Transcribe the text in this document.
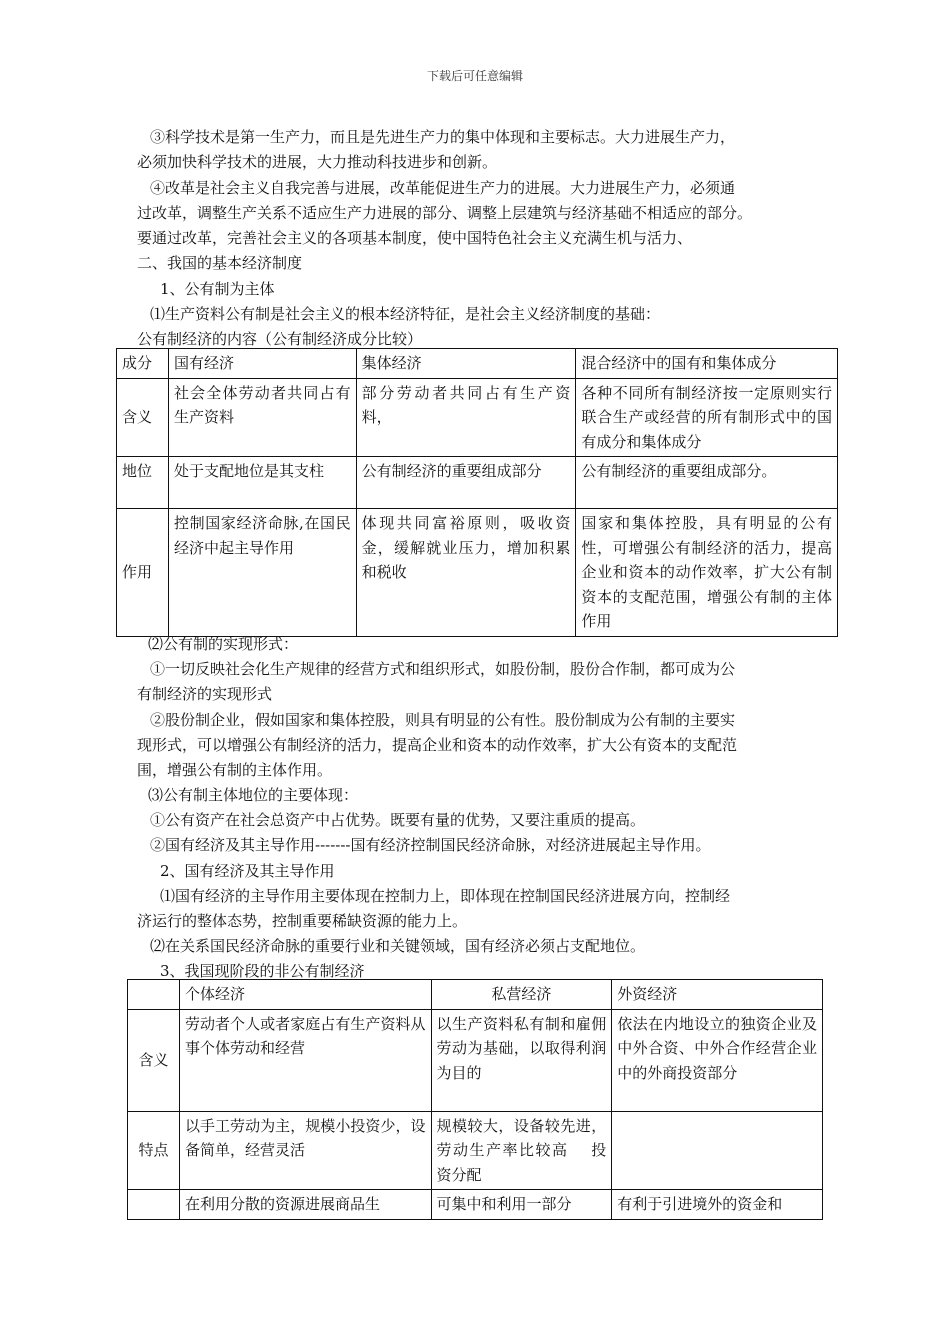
下载后可任意编辑
③科学技术是第一生产力，而且是先进生产力的集中体现和主要标志。大力进展生产力，
必须加快科学技术的进展，大力推动科技进步和创新。
④改革是社会主义自我完善与进展，改革能促进生产力的进展。大力进展生产力，必须通
过改革，调整生产关系不适应生产力进展的部分、调整上层建筑与经济基础不相适应的部分。
要通过改革，完善社会主义的各项基本制度，使中国特色社会主义充满生机与活力、
二、我国的基本经济制度
1、公有制为主体
⑴生产资料公有制是社会主义的根本经济特征，是社会主义经济制度的基础：
公有制经济的内容（公有制经济成分比较）
成分	国有经济	集体经济	混合经济中的国有和集体成分
含义	社会全体劳动者共同占有生产资料	部分劳动者共同占有生产资料，	各种不同所有制经济按一定原则实行联合生产或经营的所有制形式中的国有成分和集体成分
地位	处于支配地位是其支柱	公有制经济的重要组成部分	公有制经济的重要组成部分。
作用	控制国家经济命脉,在国民经济中起主导作用	体现共同富裕原则，吸收资金，缓解就业压力，增加积累和税收	国家和集体控股，具有明显的公有性，可增强公有制经济的活力，提高企业和资本的动作效率，扩大公有制资本的支配范围，增强公有制的主体作用
⑵公有制的实现形式：
①一切反映社会化生产规律的经营方式和组织形式，如股份制，股份合作制，都可成为公
有制经济的实现形式
②股份制企业，假如国家和集体控股，则具有明显的公有性。股份制成为公有制的主要实
现形式，可以增强公有制经济的活力，提高企业和资本的动作效率，扩大公有资本的支配范
围，增强公有制的主体作用。
⑶公有制主体地位的主要体现：
①公有资产在社会总资产中占优势。既要有量的优势，又要注重质的提高。
②国有经济及其主导作用-------国有经济控制国民经济命脉，对经济进展起主导作用。
2、国有经济及其主导作用
⑴国有经济的主导作用主要体现在控制力上，即体现在控制国民经济进展方向，控制经
济运行的整体态势，控制重要稀缺资源的能力上。
⑵在关系国民经济命脉的重要行业和关键领域，国有经济必须占支配地位。
3、我国现阶段的非公有制经济
	个体经济	私营经济	外资经济
含义	劳动者个人或者家庭占有生产资料从事个体劳动和经营	以生产资料私有制和雇佣劳动为基础，以取得利润为目的	依法在内地设立的独资企业及中外合资、中外合作经营企业中的外商投资部分
特点	以手工劳动为主，规模小投资少，设备简单，经营灵活	规模较大，设备较先进，劳动生产率比较高　 投资分配	
	在利用分散的资源进展商品生	可集中和利用一部分	有利于引进境外的资金和
